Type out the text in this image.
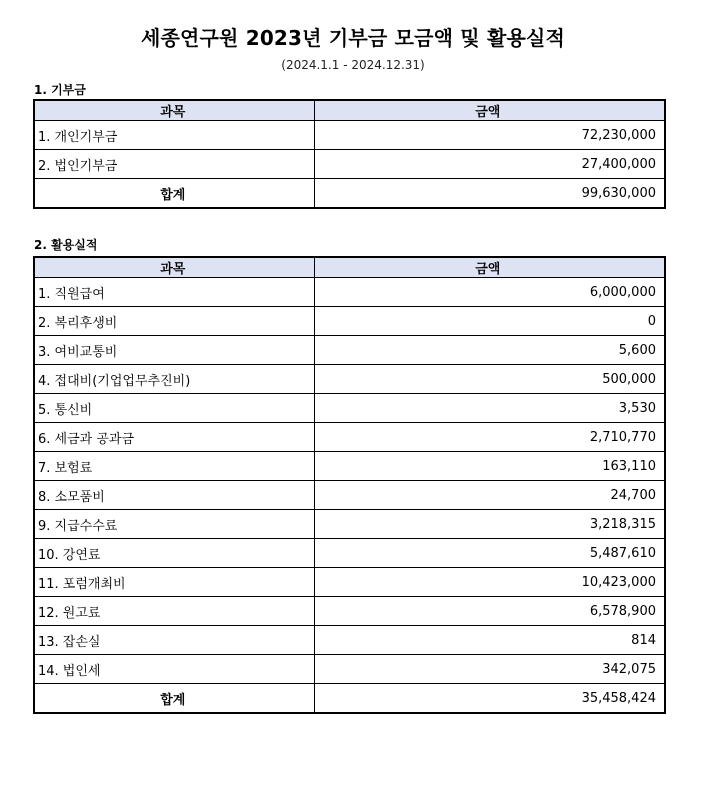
세종연구원 2023년 기부금 모금액 및 활용실적
(2024.1.1 - 2024.12.31)
1. 기부금
과목	금액
1. 개인기부금	72,230,000
2. 법인기부금	27,400,000
합계	99,630,000
2. 활용실적
과목	금액
1. 직원급여	6,000,000
2. 복리후생비	0
3. 여비교통비	5,600
4. 접대비(기업업무추진비)	500,000
5. 통신비	3,530
6. 세금과 공과금	2,710,770
7. 보험료	163,110
8. 소모품비	24,700
9. 지급수수료	3,218,315
10. 강연료	5,487,610
11. 포럼개최비	10,423,000
12. 원고료	6,578,900
13. 잡손실	814
14. 법인세	342,075
합계	35,458,424
